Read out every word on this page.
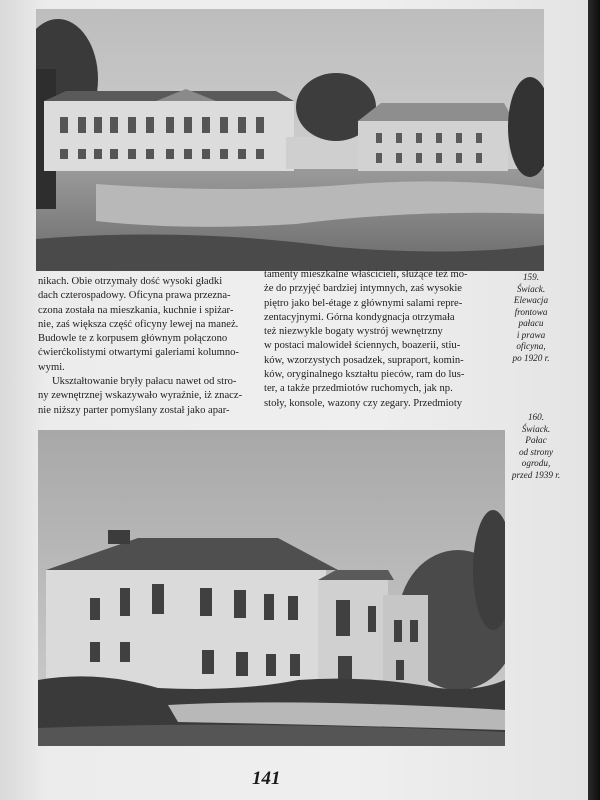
nikach. Obie otrzymały dość wysoki gładki
dach czterospadowy. Oficyna prawa przezna-
czona została na mieszkania, kuchnie i spiżar-
nie, zaś większa część oficyny lewej na maneż.
Budowle te z korpusem głównym połączono
ćwierćkolistymi otwartymi galeriami kolumno-
wymi.
Ukształtowanie bryły pałacu nawet od stro-
ny zewnętrznej wskazywało wyraźnie, iż znacz-
nie niższy parter pomyślany został jako apar-
tamenty mieszkalne właścicieli, służące też mo-
że do przyjęć bardziej intymnych, zaś wysokie
piętro jako bel-étage z głównymi salami repre-
zentacyjnymi. Górna kondygnacja otrzymała
też niezwykle bogaty wystrój wewnętrzny
w postaci malowideł ściennych, boazerii, stiu-
ków, wzorzystych posadzek, supraport, komin-
ków, oryginalnego kształtu pieców, ram do lus-
ter, a także przedmiotów ruchomych, jak np.
stoły, konsole, wazony czy zegary. Przedmioty
159.
Świack.
Elewacja
frontowa
pałacu
i prawa
oficyna,
po 1920 r.
160.
Świack.
Pałac
od strony
ogrodu,
przed 1939 r.
141
